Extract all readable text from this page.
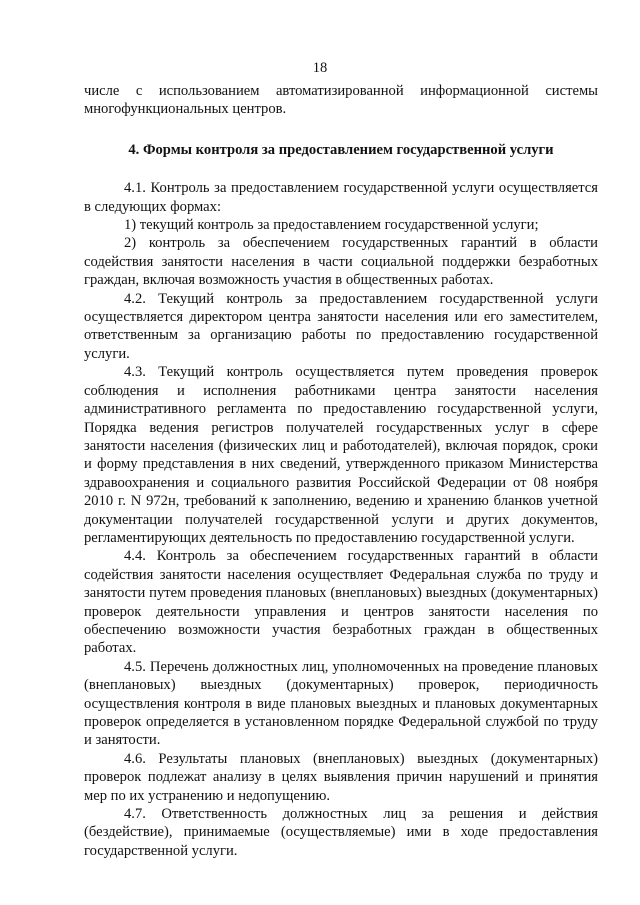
18

числе с использованием автоматизированной информационной системы многофункциональных центров.

4. Формы контроля за предоставлением государственной услуги

4.1. Контроль за предоставлением государственной услуги осуществляется в следующих формах:

1) текущий контроль за предоставлением государственной услуги;

2) контроль за обеспечением государственных гарантий в области содействия занятости населения в части социальной поддержки безработных граждан, включая возможность участия в общественных работах.

4.2. Текущий контроль за предоставлением государственной услуги осуществляется директором центра занятости населения или его заместителем, ответственным за организацию работы по предоставлению государственной услуги.

4.3. Текущий контроль осуществляется путем проведения проверок соблюдения и исполнения работниками центра занятости населения административного регламента по предоставлению государственной услуги, Порядка ведения регистров получателей государственных услуг в сфере занятости населения (физических лиц и работодателей), включая порядок, сроки и форму представления в них сведений, утвержденного приказом Министерства здравоохранения и социального развития Российской Федерации от 08 ноября 2010 г. N 972н, требований к заполнению, ведению и хранению бланков учетной документации получателей государственной услуги и других документов, регламентирующих деятельность по предоставлению государственной услуги.

4.4. Контроль за обеспечением государственных гарантий в области содействия занятости населения осуществляет Федеральная служба по труду и занятости путем проведения плановых (внеплановых) выездных (документарных) проверок деятельности управления и центров занятости населения по обеспечению возможности участия безработных граждан в общественных работах.

4.5. Перечень должностных лиц, уполномоченных на проведение плановых (внеплановых) выездных (документарных) проверок, периодичность осуществления контроля в виде плановых выездных и плановых документарных проверок определяется в установленном порядке Федеральной службой по труду и занятости.

4.6. Результаты плановых (внеплановых) выездных (документарных) проверок подлежат анализу в целях выявления причин нарушений и принятия мер по их устранению и недопущению.

4.7. Ответственность должностных лиц за решения и действия (бездействие), принимаемые (осуществляемые) ими в ходе предоставления государственной услуги.
